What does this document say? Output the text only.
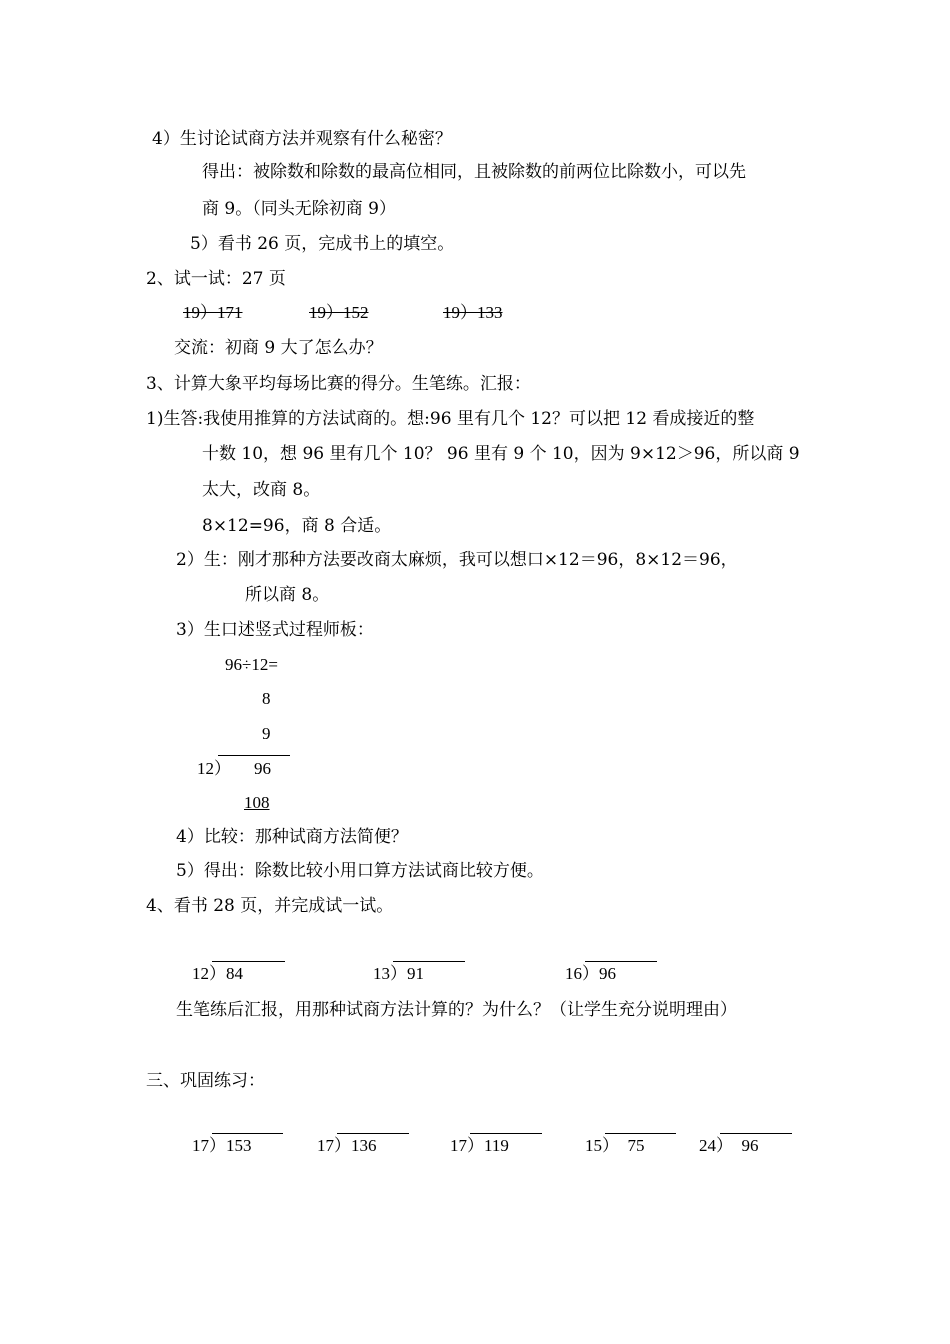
4）生讨论试商方法并观察有什么秘密？
得出：被除数和除数的最高位相同，且被除数的前两位比除数小，可以先
商 9。（同头无除初商 9）
5）看书 26 页，完成书上的填空。
2、试一试：27 页
19）171	19）152	19）133
交流：初商 9 大了怎么办？
3、计算大象平均每场比赛的得分。生笔练。汇报：
1)生答:我使用推算的方法试商的。想:96 里有几个 12？可以把 12 看成接近的整
十数 10，想 96 里有几个 10？ 96 里有 9 个 10，因为 9×12＞96，所以商 9
太大，改商 8。
8×12=96，商 8 合适。
2）生：刚才那种方法要改商太麻烦，我可以想口×12＝96，8×12＝96，
所以商 8。
3）生口述竖式过程师板：
96÷12=
8
9
12） 96
108
4）比较：那种试商方法简便？
5）得出：除数比较小用口算方法试商比较方便。
4、看书 28 页，并完成试一试。
12）84	13）91	16）96
生笔练后汇报，用那种试商方法计算的？为什么？（让学生充分说明理由）
三、巩固练习：
17）153	17）136	17）119	15）  75	24）  96
